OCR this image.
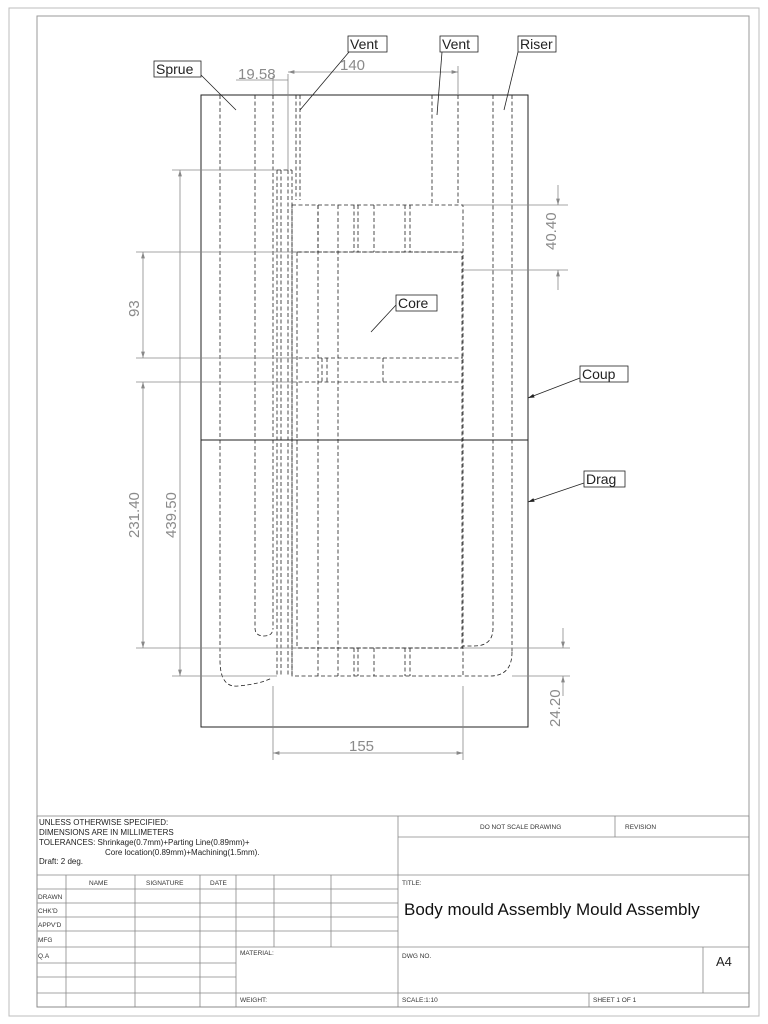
19.58
140
40.40
93
231.40 439.50
24.20
155
Sprue
Vent	Vent	Riser
Core
Coup
Drag
UNLESS OTHERWISE SPECIFIED:
DIMENSIONS ARE IN MILLIMETERS
TOLERANCES: Shrinkage(0.7mm)+Parting Line(0.89mm)+
Core location(0.89mm)+Machining(1.5mm).
Draft: 2 deg.
DO NOT SCALE DRAWING	REVISION
NAME	SIGNATURE	DATE
DRAWN
CHK'D
APPV'D
MFG
Q.A
TITLE:
Body mould Assembly Mould Assembly
MATERIAL:	DWG NO.	A4
WEIGHT:	SCALE:1:10	SHEET 1 OF 1
